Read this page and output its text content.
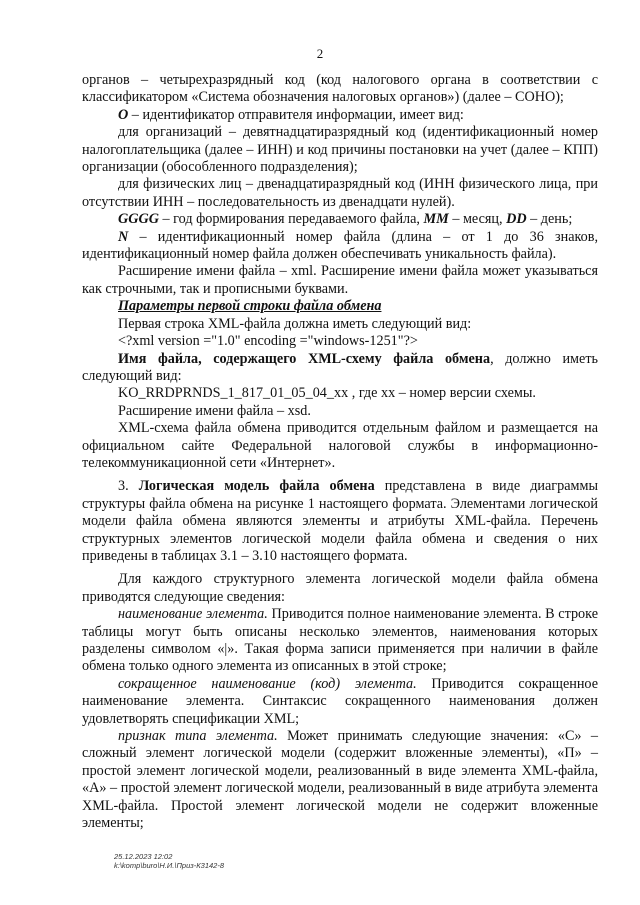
2

органов – четырехразрядный код (код налогового органа в соответствии с классификатором «Система обозначения налоговых органов») (далее – СОНО);

O – идентификатор отправителя информации, имеет вид:

для организаций – девятнадцатиразрядный код (идентификационный номер налогоплательщика (далее – ИНН) и код причины постановки на учет (далее – КПП) организации (обособленного подразделения);

для физических лиц – двенадцатиразрядный код (ИНН физического лица, при отсутствии ИНН – последовательность из двенадцати нулей).

GGGG – год формирования передаваемого файла, MM – месяц, DD – день;

N – идентификационный номер файла (длина – от 1 до 36 знаков, идентификационный номер файла должен обеспечивать уникальность файла).

Расширение имени файла – xml. Расширение имени файла может указываться как строчными, так и прописными буквами.

Параметры первой строки файла обмена

Первая строка XML-файла должна иметь следующий вид:

<?xml version ="1.0" encoding ="windows-1251"?>

Имя файла, содержащего XML-схему файла обмена, должно иметь следующий вид:

KO_RRDPRNDS_1_817_01_05_04_xx , где хх – номер версии схемы.

Расширение имени файла – xsd.

XML-схема файла обмена приводится отдельным файлом и размещается на официальном сайте Федеральной налоговой службы в информационно-телекоммуникационной сети «Интернет».

3. Логическая модель файла обмена представлена в виде диаграммы структуры файла обмена на рисунке 1 настоящего формата. Элементами логической модели файла обмена являются элементы и атрибуты XML-файла. Перечень структурных элементов логической модели файла обмена и сведения о них приведены в таблицах 3.1 – 3.10 настоящего формата.

Для каждого структурного элемента логической модели файла обмена приводятся следующие сведения:

наименование элемента. Приводится полное наименование элемента. В строке таблицы могут быть описаны несколько элементов, наименования которых разделены символом «|». Такая форма записи применяется при наличии в файле обмена только одного элемента из описанных в этой строке;

сокращенное наименование (код) элемента. Приводится сокращенное наименование элемента. Синтаксис сокращенного наименования должен удовлетворять спецификации XML;

признак типа элемента. Может принимать следующие значения: «С» – сложный элемент логической модели (содержит вложенные элементы), «П» – простой элемент логической модели, реализованный в виде элемента XML-файла, «А» – простой элемент логической модели, реализованный в виде атрибута элемента XML-файла. Простой элемент логической модели не содержит вложенные элементы;

25.12.2023 12:02
k:\komp\buro\Н.И.\Приз-К3142-8
